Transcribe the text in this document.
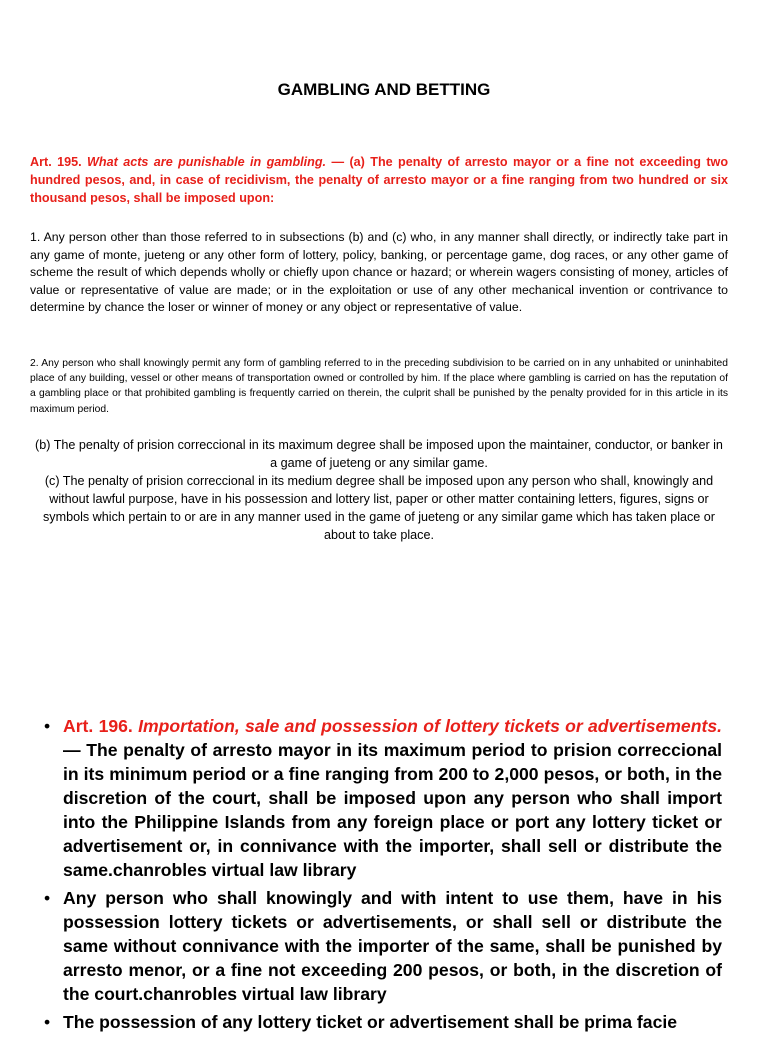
GAMBLING AND BETTING
Art. 195. What acts are punishable in gambling. — (a) The penalty of arresto mayor or a fine not exceeding two hundred pesos, and, in case of recidivism, the penalty of arresto mayor or a fine ranging from two hundred or six thousand pesos, shall be imposed upon:
1. Any person other than those referred to in subsections (b) and (c) who, in any manner shall directly, or indirectly take part in any game of monte, jueteng or any other form of lottery, policy, banking, or percentage game, dog races, or any other game of scheme the result of which depends wholly or chiefly upon chance or hazard; or wherein wagers consisting of money, articles of value or representative of value are made; or in the exploitation or use of any other mechanical invention or contrivance to determine by chance the loser or winner of money or any object or representative of value.
2. Any person who shall knowingly permit any form of gambling referred to in the preceding subdivision to be carried on in any unhabited or uninhabited place of any building, vessel or other means of transportation owned or controlled by him. If the place where gambling is carried on has the reputation of a gambling place or that prohibited gambling is frequently carried on therein, the culprit shall be punished by the penalty provided for in this article in its maximum period.
(b) The penalty of prision correccional in its maximum degree shall be imposed upon the maintainer, conductor, or banker in a game of jueteng or any similar game.
(c) The penalty of prision correccional in its medium degree shall be imposed upon any person who shall, knowingly and without lawful purpose, have in his possession and lottery list, paper or other matter containing letters, figures, signs or symbols which pertain to or are in any manner used in the game of jueteng or any similar game which has taken place or about to take place.
• Art. 196. Importation, sale and possession of lottery tickets or advertisements. — The penalty of arresto mayor in its maximum period to prision correccional in its minimum period or a fine ranging from 200 to 2,000 pesos, or both, in the discretion of the court, shall be imposed upon any person who shall import into the Philippine Islands from any foreign place or port any lottery ticket or advertisement or, in connivance with the importer, shall sell or distribute the same.chanrobles virtual law library
• Any person who shall knowingly and with intent to use them, have in his possession lottery tickets or advertisements, or shall sell or distribute the same without connivance with the importer of the same, shall be punished by arresto menor, or a fine not exceeding 200 pesos, or both, in the discretion of the court.chanrobles virtual law library
• The possession of any lottery ticket or advertisement shall be prima facie
